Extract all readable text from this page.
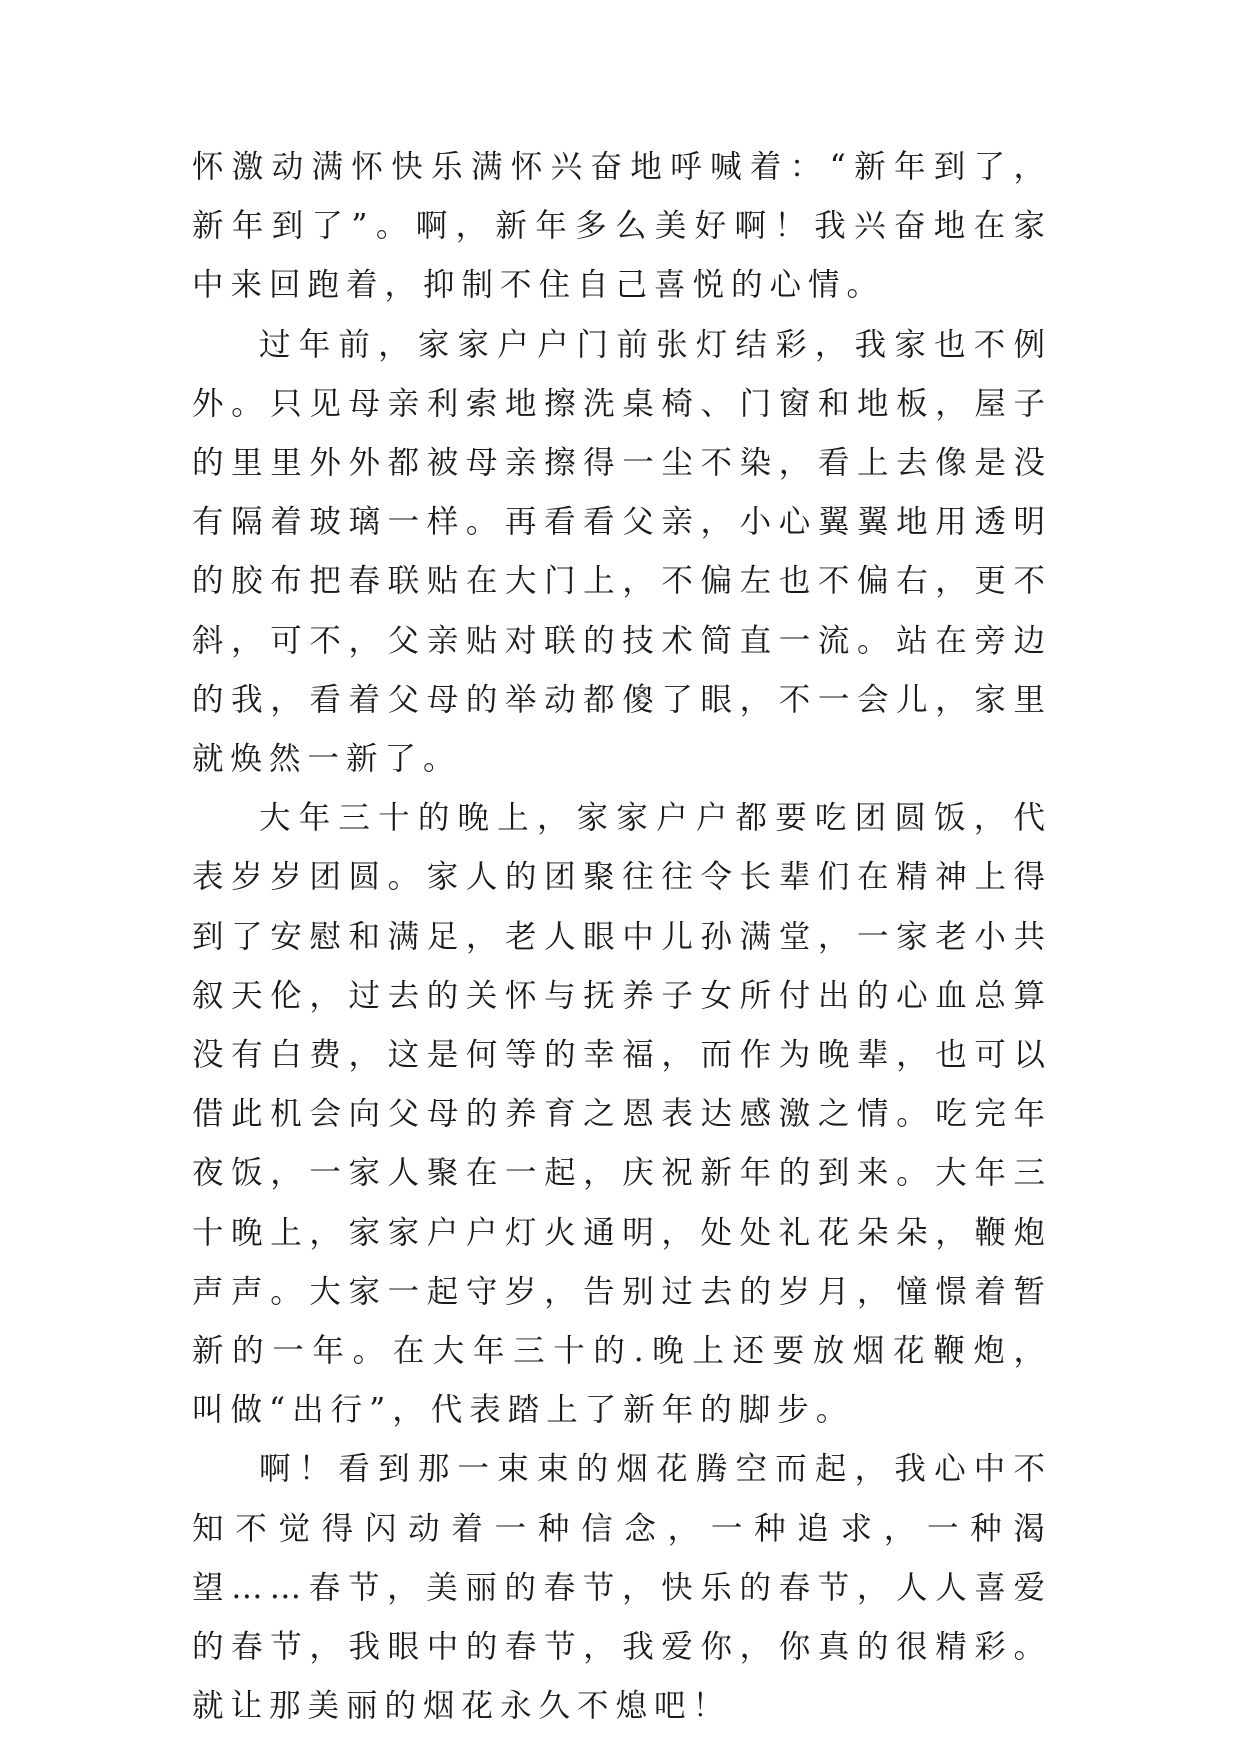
怀激动满怀快乐满怀兴奋地呼喊着：“新年到了，新年到了”。啊，新年多么美好啊！我兴奋地在家中来回跑着，抑制不住自己喜悦的心情。

过年前，家家户户门前张灯结彩，我家也不例外。只见母亲利索地擦洗桌椅、门窗和地板，屋子的里里外外都被母亲擦得一尘不染，看上去像是没有隔着玻璃一样。再看看父亲，小心翼翼地用透明的胶布把春联贴在大门上，不偏左也不偏右，更不斜，可不，父亲贴对联的技术简直一流。站在旁边的我，看着父母的举动都傻了眼，不一会儿，家里就焕然一新了。

大年三十的晚上，家家户户都要吃团圆饭，代表岁岁团圆。家人的团聚往往令长辈们在精神上得到了安慰和满足，老人眼中儿孙满堂，一家老小共叙天伦，过去的关怀与抚养子女所付出的心血总算没有白费，这是何等的幸福，而作为晚辈，也可以借此机会向父母的养育之恩表达感激之情。吃完年夜饭，一家人聚在一起，庆祝新年的到来。大年三十晚上，家家户户灯火通明，处处礼花朵朵，鞭炮声声。大家一起守岁，告别过去的岁月，憧憬着暂新的一年。在大年三十的.晚上还要放烟花鞭炮，叫做“出行”，代表踏上了新年的脚步。

啊！看到那一束束的烟花腾空而起，我心中不知不觉得闪动着一种信念，一种追求，一种渴望……春节，美丽的春节，快乐的春节，人人喜爱的春节，我眼中的春节，我爱你，你真的很精彩。就让那美丽的烟花永久不熄吧！
